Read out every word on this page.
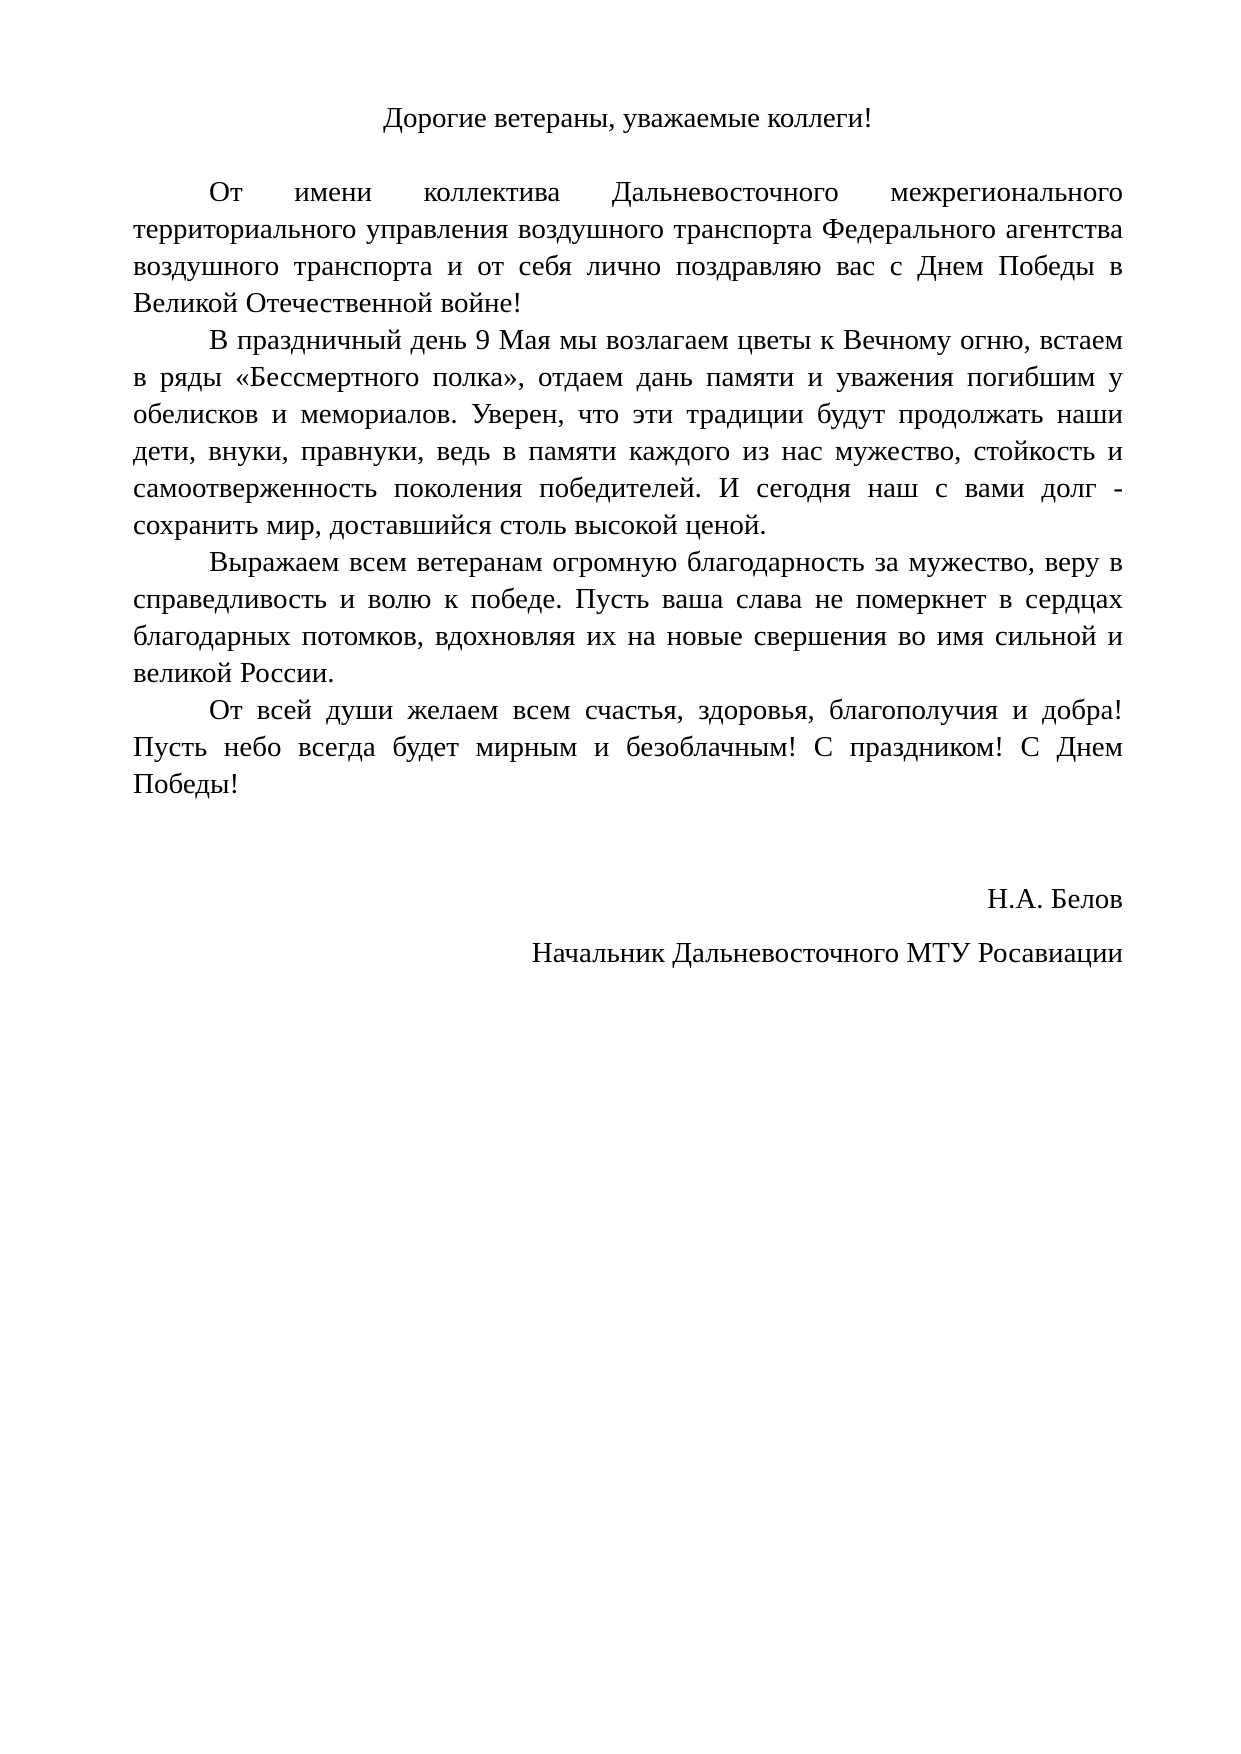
Дорогие ветераны, уважаемые коллеги!

От имени коллектива Дальневосточного межрегионального территориального управления воздушного транспорта Федерального агентства воздушного транспорта и от себя лично поздравляю вас с Днем Победы в Великой Отечественной войне!

В праздничный день 9 Мая мы возлагаем цветы к Вечному огню, встаем в ряды «Бессмертного полка», отдаем дань памяти и уважения погибшим у обелисков и мемориалов. Уверен, что эти традиции будут продолжать наши дети, внуки, правнуки, ведь в памяти каждого из нас мужество, стойкость и самоотверженность поколения победителей. И сегодня наш с вами долг - сохранить мир, доставшийся столь высокой ценой.

Выражаем всем ветеранам огромную благодарность за мужество, веру в справедливость и волю к победе. Пусть ваша слава не померкнет в сердцах благодарных потомков, вдохновляя их на новые свершения во имя сильной и великой России.

От всей души желаем всем счастья, здоровья, благополучия и добра! Пусть небо всегда будет мирным и безоблачным! С праздником! С Днем Победы!

Н.А. Белов

Начальник Дальневосточного МТУ Росавиации
